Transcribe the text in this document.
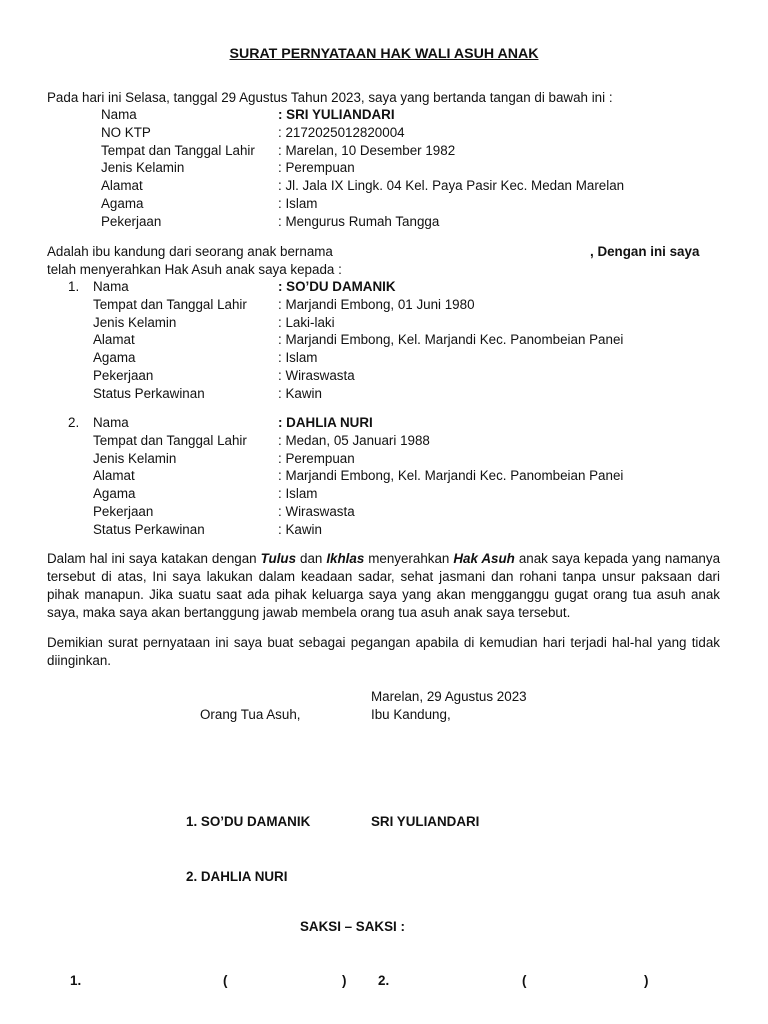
SURAT PERNYATAAN HAK WALI ASUH ANAK
Pada hari ini Selasa, tanggal 29 Agustus Tahun 2023, saya yang bertanda tangan di bawah ini :
Nama	: SRI YULIANDARI
NO KTP	: 2172025012820004
Tempat dan Tanggal Lahir : Marelan, 10 Desember 1982
Jenis Kelamin	: Perempuan
Alamat	: Jl. Jala IX Lingk. 04 Kel. Paya Pasir Kec. Medan Marelan
Agama	: Islam
Pekerjaan	: Mengurus Rumah Tangga
Adalah ibu kandung dari seorang anak bernama	, Dengan ini saya
telah menyerahkan Hak Asuh anak saya kepada :
1. Nama	: SO’DU DAMANIK
Tempat dan Tanggal Lahir : Marjandi Embong, 01 Juni 1980
Jenis Kelamin	: Laki-laki
Alamat	: Marjandi Embong, Kel. Marjandi Kec. Panombeian Panei
Agama	: Islam
Pekerjaan	: Wiraswasta
Status Perkawinan	: Kawin
2. Nama	: DAHLIA NURI
Tempat dan Tanggal Lahir : Medan, 05 Januari 1988
Jenis Kelamin	: Perempuan
Alamat	: Marjandi Embong, Kel. Marjandi Kec. Panombeian Panei
Agama	: Islam
Pekerjaan	: Wiraswasta
Status Perkawinan	: Kawin

Dalam hal ini saya katakan dengan Tulus dan Ikhlas menyerahkan Hak Asuh anak saya kepada yang namanya tersebut di atas, Ini saya lakukan dalam keadaan sadar, sehat jasmani dan rohani tanpa unsur paksaan dari pihak manapun. Jika suatu saat ada pihak keluarga saya yang akan mengganggu gugat orang tua asuh anak saya, maka saya akan bertanggung jawab membela orang tua asuh anak saya tersebut.

Demikian surat pernyataan ini saya buat sebagai pegangan apabila di kemudian hari terjadi hal-hal yang tidak diinginkan.

Marelan, 29 Agustus 2023
Orang Tua Asuh,	Ibu Kandung,
1. SO’DU DAMANIK	SRI YULIANDARI
2. DAHLIA NURI
SAKSI – SAKSI :
1.	(	) 2.	(	)
